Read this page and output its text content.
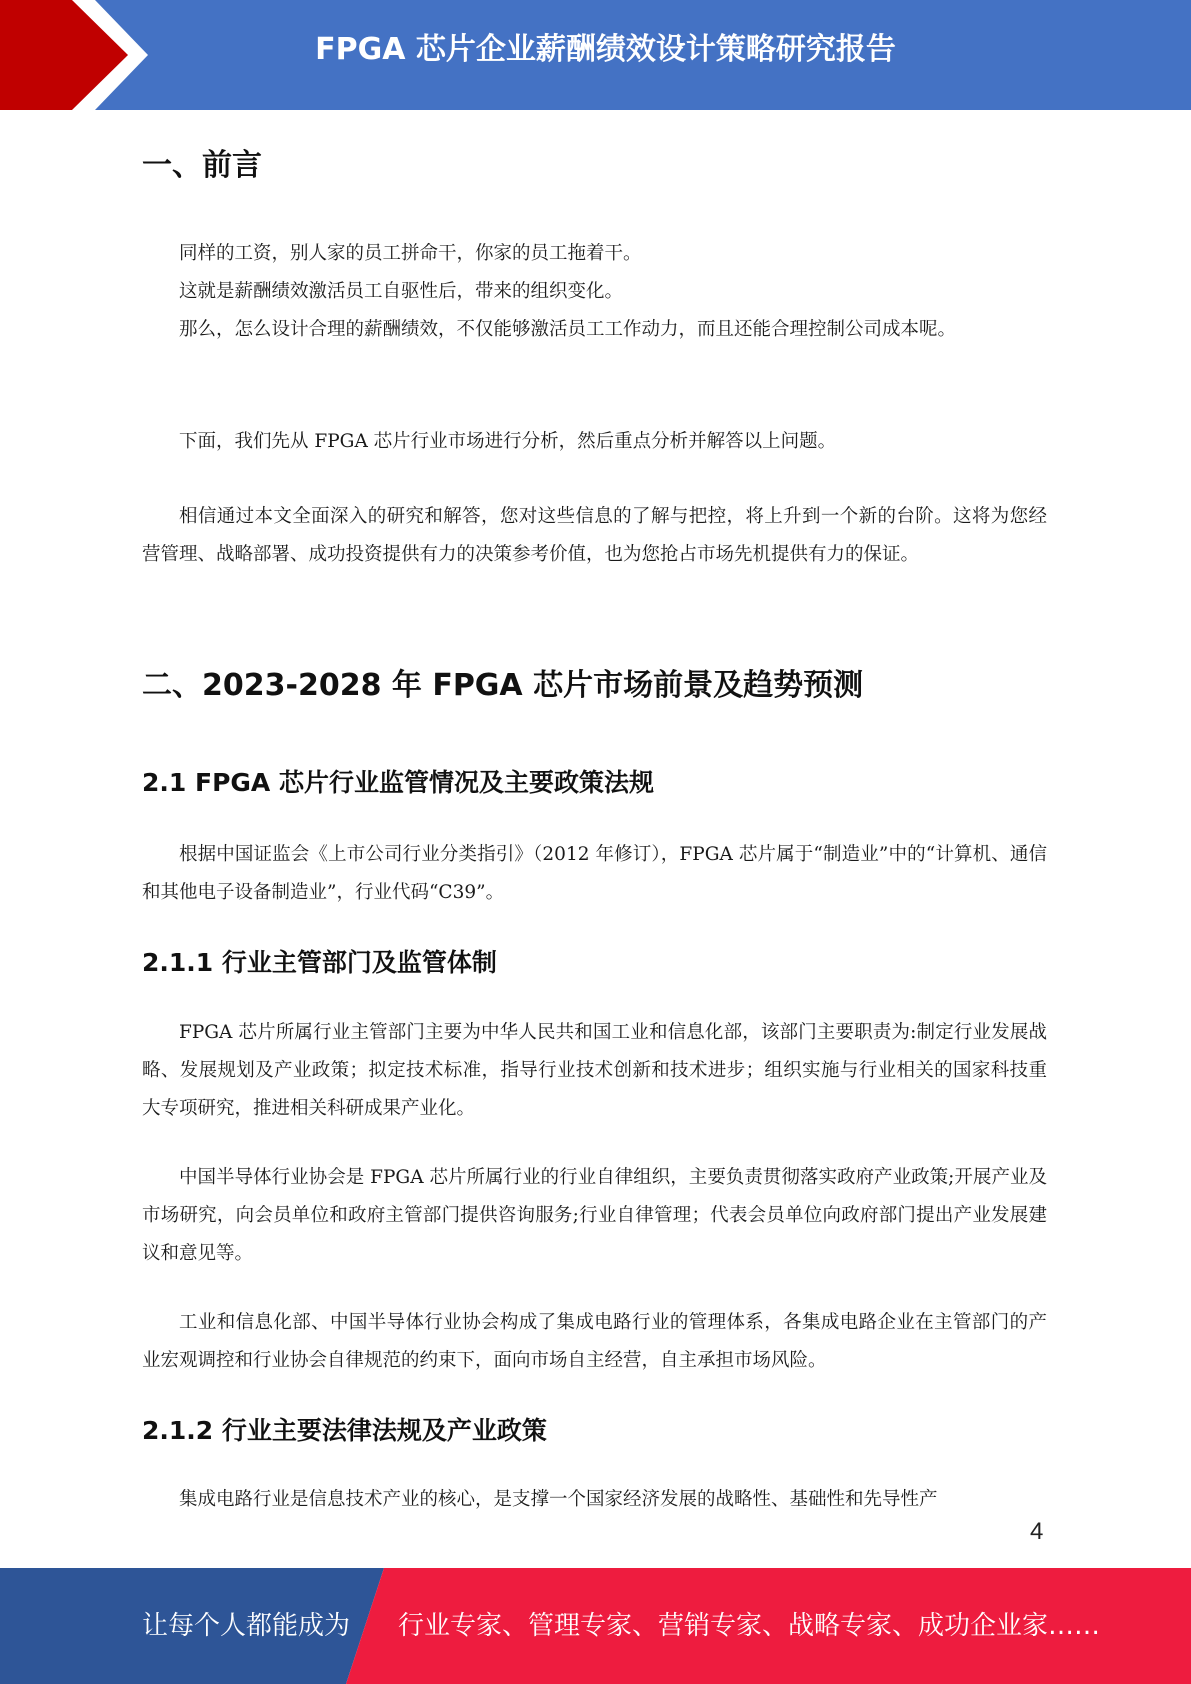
FPGA 芯片企业薪酬绩效设计策略研究报告
一、前言

同样的工资，别人家的员工拼命干，你家的员工拖着干。

这就是薪酬绩效激活员工自驱性后，带来的组织变化。

那么，怎么设计合理的薪酬绩效，不仅能够激活员工工作动力，而且还能合理控制公司成本呢。

下面，我们先从 FPGA 芯片行业市场进行分析，然后重点分析并解答以上问题。

相信通过本文全面深入的研究和解答，您对这些信息的了解与把控，将上升到一个新的台阶。这将为您经营管理、战略部署、成功投资提供有力的决策参考价值，也为您抢占市场先机提供有力的保证。

二、2023-2028 年 FPGA 芯片市场前景及趋势预测
2.1 FPGA 芯片行业监管情况及主要政策法规

根据中国证监会《上市公司行业分类指引》（2012 年修订），FPGA 芯片属于“制造业”中的“计算机、通信和其他电子设备制造业”，行业代码“C39”。

2.1.1 行业主管部门及监管体制

FPGA 芯片所属行业主管部门主要为中华人民共和国工业和信息化部，该部门主要职责为:制定行业发展战略、发展规划及产业政策；拟定技术标准，指导行业技术创新和技术进步；组织实施与行业相关的国家科技重大专项研究，推进相关科研成果产业化。

中国半导体行业协会是 FPGA 芯片所属行业的行业自律组织，主要负责贯彻落实政府产业政策;开展产业及市场研究，向会员单位和政府主管部门提供咨询服务;行业自律管理；代表会员单位向政府部门提出产业发展建议和意见等。

工业和信息化部、中国半导体行业协会构成了集成电路行业的管理体系，各集成电路企业在主管部门的产业宏观调控和行业协会自律规范的约束下，面向市场自主经营，自主承担市场风险。

2.1.2 行业主要法律法规及产业政策

集成电路行业是信息技术产业的核心，是支撑一个国家经济发展的战略性、基础性和先导性产

4
让每个人都能成为 行业专家、管理专家、营销专家、战略专家、成功企业家……
